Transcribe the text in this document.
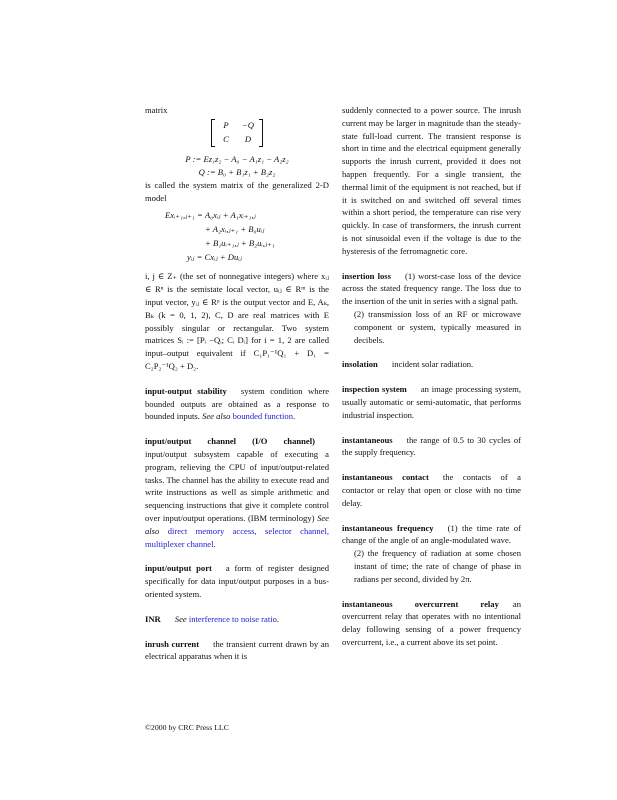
matrix

P	−Q
C	D
P := Ez₁z₂ − A₀ − A₁z₁ − A₂z₂
Q := B₀ + B₁z₁ + B₂z₂

is called the system matrix of the generalized 2-D model

Exᵢ₊₁,ⱼ₊₁ = A₀xᵢⱼ + A₁xᵢ₊₁,ⱼ
+ A₂xᵢ,ⱼ₊₁ + B₀uᵢⱼ
+ B₁uᵢ₊₁,ⱼ + B₂uᵢ,ⱼ₊₁
yᵢⱼ = Cxᵢⱼ + Duᵢⱼ

i, j ∈ Z₊ (the set of nonnegative integers) where xᵢⱼ ∈ Rⁿ is the semistate local vector, uᵢⱼ ∈ Rᵐ is the input vector, yᵢⱼ ∈ Rᵖ is the output vector and E, Aₖ, Bₖ (k = 0, 1, 2), C, D are real matrices with E possibly singular or rectangular. Two system matrices Sᵢ := [Pᵢ −Qᵢ; Cᵢ Dᵢ] for i = 1, 2 are called input–output equivalent if C₁P₁⁻¹Q₁ + D₁ = C₂P₂⁻¹Q₂ + D₂.

input-output stability system condition where bounded outputs are obtained as a response to bounded inputs. See also bounded function.

input/output channel (I/O channel)input/output subsystem capable of executing a program, relieving the CPU of input/output-related tasks. The channel has the ability to execute read and write instructions as well as simple arithmetic and sequencing instructions that give it complete control over input/output operations. (IBM terminology) See also direct memory access, selector channel, multiplexer channel.

input/output port a form of register designed specifically for data input/output purposes in a bus-oriented system.

INR See interference to noise ratio.

inrush current the transient current drawn by an electrical apparatus when it is

suddenly connected to a power source. The inrush current may be larger in magnitude than the steady-state full-load current. The transient response is short in time and the electrical equipment generally supports the inrush current, provided it does not happen frequently. For a single transient, the thermal limit of the equipment is not reached, but if it is switched on and switched off several times within a short period, the temperature can rise very quickly. In case of transformers, the inrush current is not sinusoidal even if the voltage is due to the hysteresis of the ferromagnetic core.

insertion loss (1) worst-case loss of the device across the stated frequency range. The loss due to the insertion of the unit in series with a signal path.

(2) transmission loss of an RF or microwave component or system, typically measured in decibels.

insolation incident solar radiation.

inspection system an image processing system, usually automatic or semi-automatic, that performs industrial inspection.

instantaneous the range of 0.5 to 30 cycles of the supply frequency.

instantaneous contact the contacts of a contactor or relay that open or close with no time delay.

instantaneous frequency (1) the time rate of change of the angle of an angle-modulated wave.

(2) the frequency of radiation at some chosen instant of time; the rate of change of phase in radians per second, divided by 2π.

instantaneous overcurrent relay an overcurrent relay that operates with no intentional delay following sensing of a power frequency overcurrent, i.e., a current above its set point.

©2000 by CRC Press LLC
